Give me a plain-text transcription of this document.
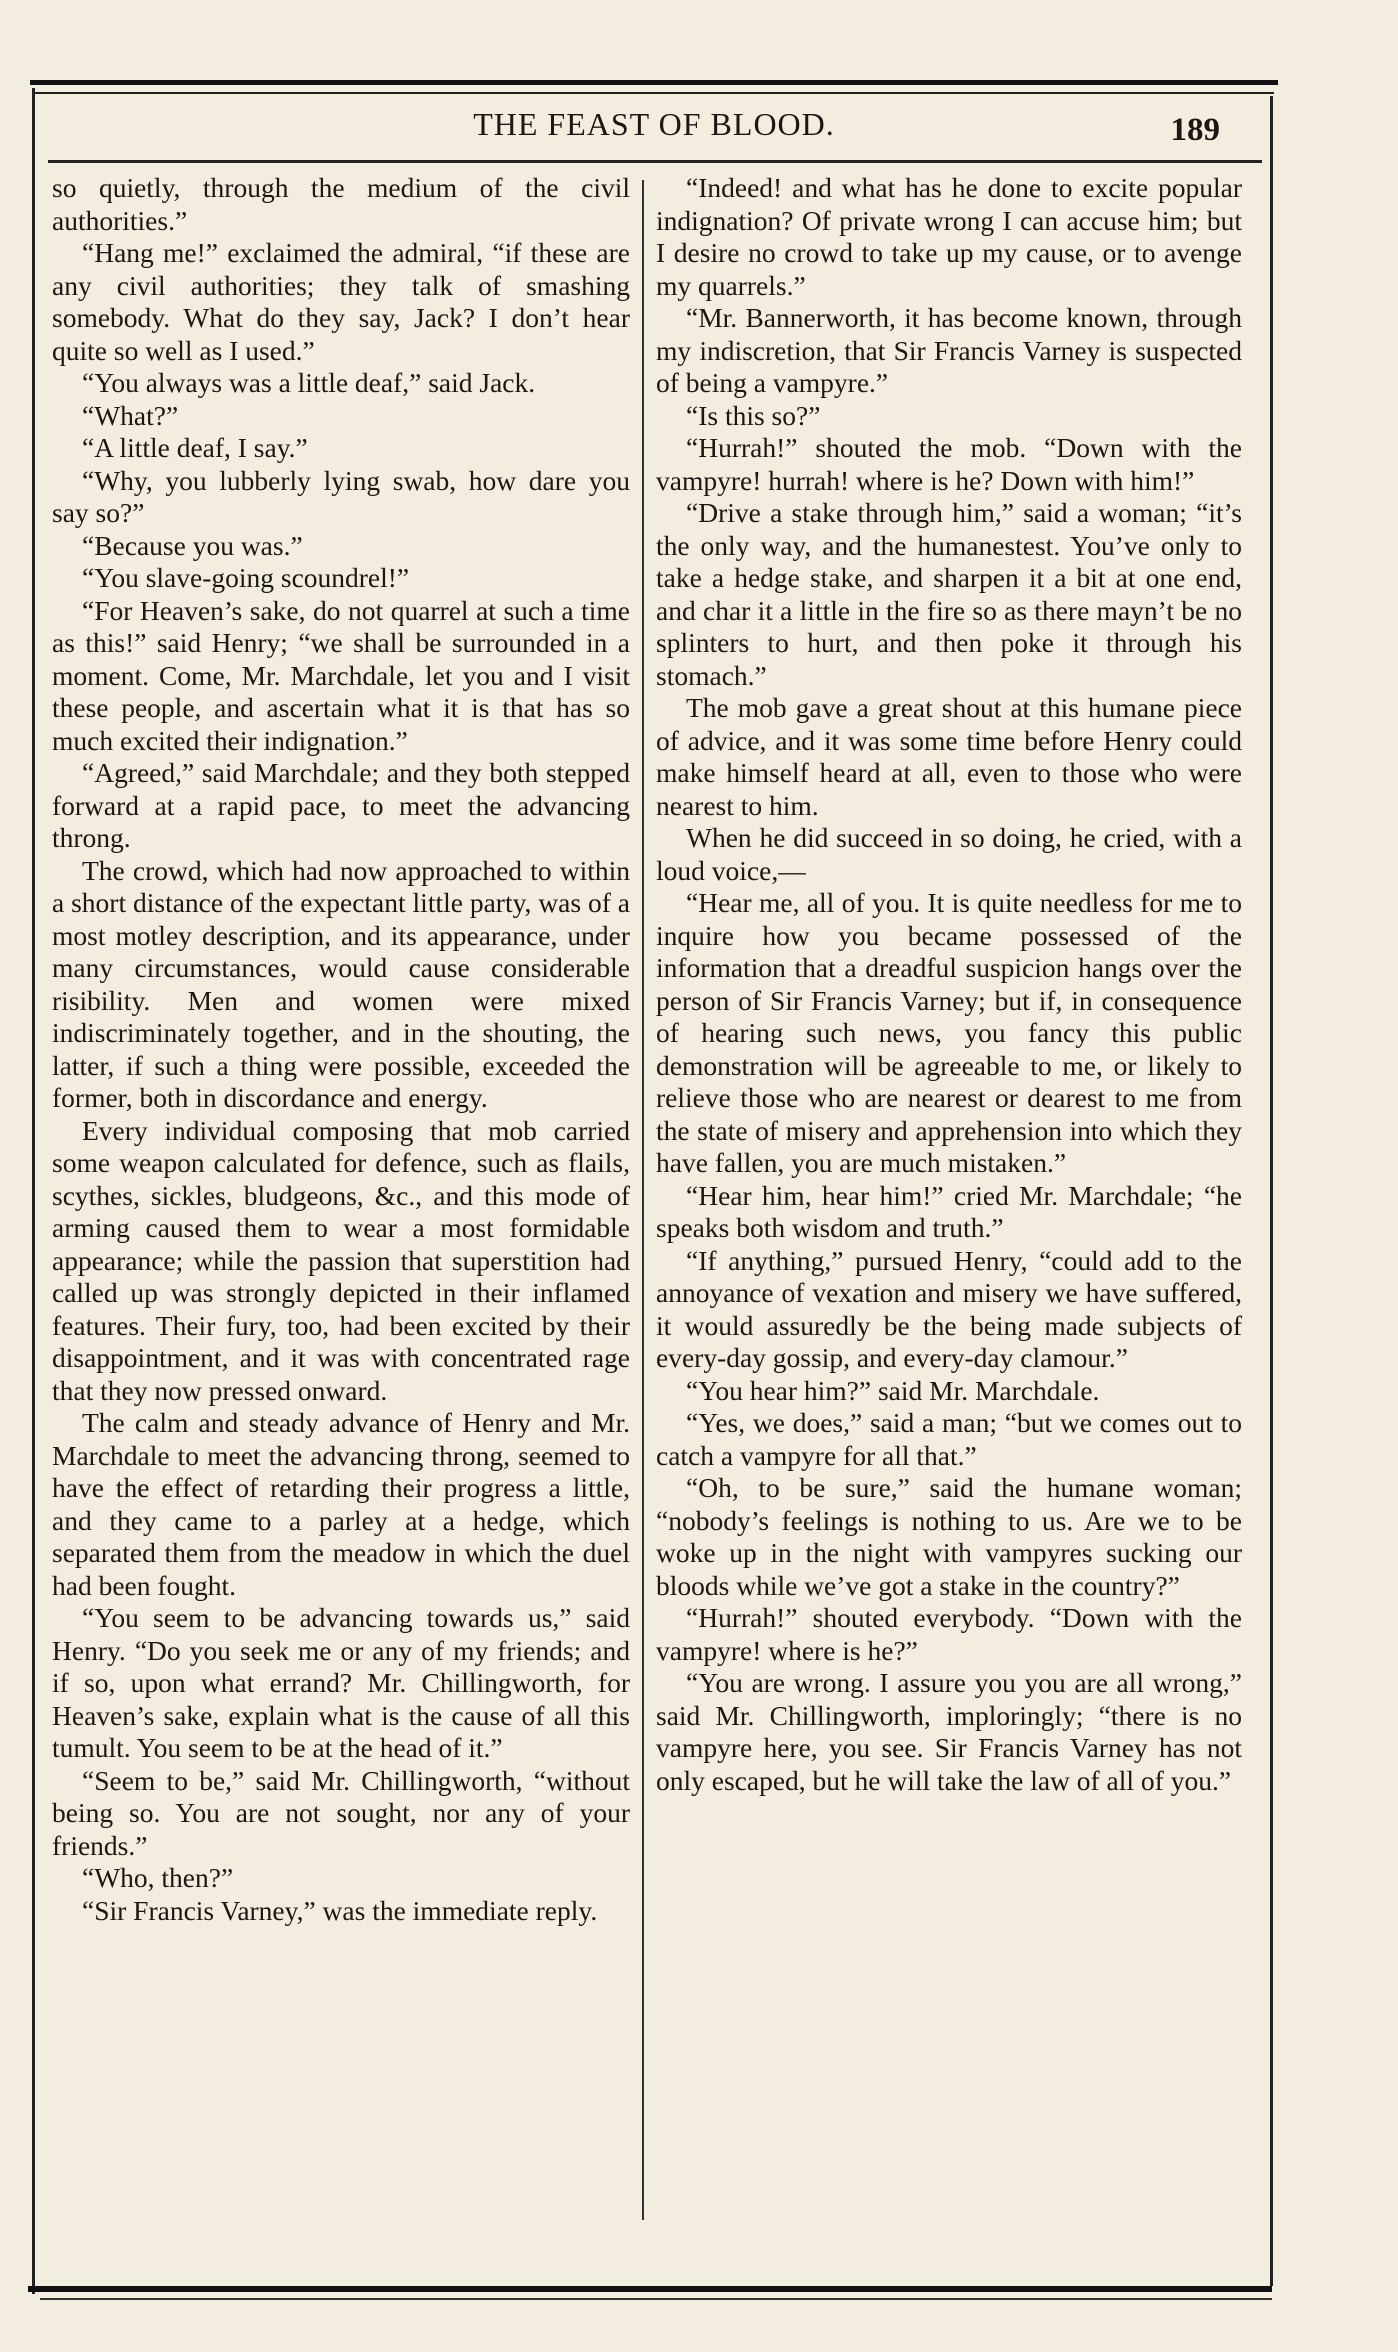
THE FEAST OF BLOOD.	189

so quietly, through the medium of the civil authorities.”

“Hang me!” exclaimed the admiral, “if these are any civil authorities; they talk of smashing somebody. What do they say, Jack? I don’t hear quite so well as I used.”

“You always was a little deaf,” said Jack.

“What?”

“A little deaf, I say.”

“Why, you lubberly lying swab, how dare you say so?”

“Because you was.”

“You slave-going scoundrel!”

“For Heaven’s sake, do not quarrel at such a time as this!” said Henry; “we shall be surrounded in a moment. Come, Mr. Marchdale, let you and I visit these people, and ascertain what it is that has so much excited their indignation.”

“Agreed,” said Marchdale; and they both stepped forward at a rapid pace, to meet the advancing throng.

The crowd, which had now approached to within a short distance of the expectant little party, was of a most motley description, and its appearance, under many circumstances, would cause considerable risibility. Men and women were mixed indiscriminately together, and in the shouting, the latter, if such a thing were possible, exceeded the former, both in discordance and energy.

Every individual composing that mob carried some weapon calculated for defence, such as flails, scythes, sickles, bludgeons, &c., and this mode of arming caused them to wear a most formidable appearance; while the passion that superstition had called up was strongly depicted in their inflamed features. Their fury, too, had been excited by their disappointment, and it was with concentrated rage that they now pressed onward.

The calm and steady advance of Henry and Mr. Marchdale to meet the advancing throng, seemed to have the effect of retarding their progress a little, and they came to a parley at a hedge, which separated them from the meadow in which the duel had been fought.

“You seem to be advancing towards us,” said Henry. “Do you seek me or any of my friends; and if so, upon what errand? Mr. Chillingworth, for Heaven’s sake, explain what is the cause of all this tumult. You seem to be at the head of it.”

“Seem to be,” said Mr. Chillingworth, “without being so. You are not sought, nor any of your friends.”

“Who, then?”

“Sir Francis Varney,” was the immediate reply.

“Indeed! and what has he done to excite popular indignation? Of private wrong I can accuse him; but I desire no crowd to take up my cause, or to avenge my quarrels.”

“Mr. Bannerworth, it has become known, through my indiscretion, that Sir Francis Varney is suspected of being a vampyre.”

“Is this so?”

“Hurrah!” shouted the mob. “Down with the vampyre! hurrah! where is he? Down with him!”

“Drive a stake through him,” said a woman; “it’s the only way, and the humanestest. You’ve only to take a hedge stake, and sharpen it a bit at one end, and char it a little in the fire so as there mayn’t be no splinters to hurt, and then poke it through his stomach.”

The mob gave a great shout at this humane piece of advice, and it was some time before Henry could make himself heard at all, even to those who were nearest to him.

When he did succeed in so doing, he cried, with a loud voice,—

“Hear me, all of you. It is quite needless for me to inquire how you became possessed of the information that a dreadful suspicion hangs over the person of Sir Francis Varney; but if, in consequence of hearing such news, you fancy this public demonstration will be agreeable to me, or likely to relieve those who are nearest or dearest to me from the state of misery and apprehension into which they have fallen, you are much mistaken.”

“Hear him, hear him!” cried Mr. Marchdale; “he speaks both wisdom and truth.”

“If anything,” pursued Henry, “could add to the annoyance of vexation and misery we have suffered, it would assuredly be the being made subjects of every-day gossip, and every-day clamour.”

“You hear him?” said Mr. Marchdale.

“Yes, we does,” said a man; “but we comes out to catch a vampyre for all that.”

“Oh, to be sure,” said the humane woman; “nobody’s feelings is nothing to us. Are we to be woke up in the night with vampyres sucking our bloods while we’ve got a stake in the country?”

“Hurrah!” shouted everybody. “Down with the vampyre! where is he?”

“You are wrong. I assure you you are all wrong,” said Mr. Chillingworth, imploringly; “there is no vampyre here, you see. Sir Francis Varney has not only escaped, but he will take the law of all of you.”
